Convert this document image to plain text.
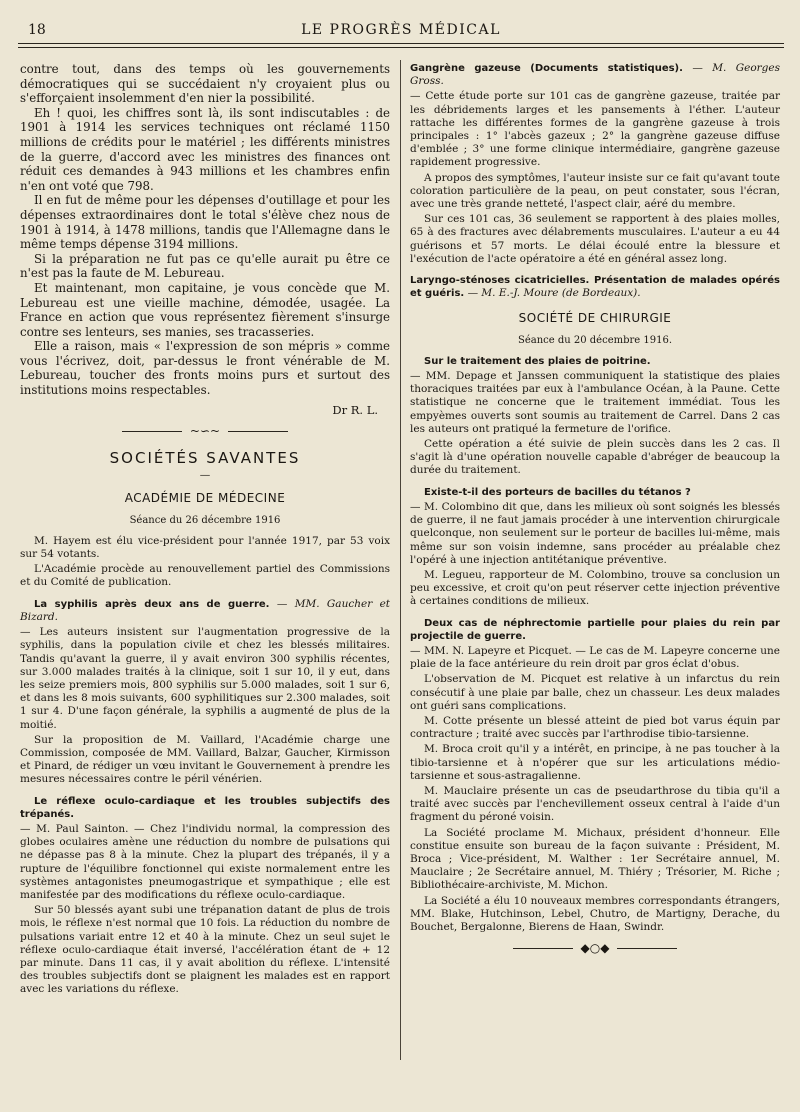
18	LE PROGRÈS MÉDICAL

contre tout, dans des temps où les gouvernements démocratiques qui se succédaient n'y croyaient plus ou s'efforçaient insolemment d'en nier la possibilité.

Eh ! quoi, les chiffres sont là, ils sont indiscutables : de 1901 à 1914 les services techniques ont réclamé 1150 millions de crédits pour le matériel ; les différents ministres de la guerre, d'accord avec les ministres des finances ont réduit ces demandes à 943 millions et les chambres enfin n'en ont voté que 798.

Il en fut de même pour les dépenses d'outillage et pour les dépenses extraordinaires dont le total s'élève chez nous de 1901 à 1914, à 1478 millions, tandis que l'Allemagne dans le même temps dépense 3194 millions.

Si la préparation ne fut pas ce qu'elle aurait pu être ce n'est pas la faute de M. Lebureau.

Et maintenant, mon capitaine, je vous concède que M. Lebureau est une vieille machine, démodée, usagée. La France en action que vous représentez fièrement s'insurge contre ses lenteurs, ses manies, ses tracasseries.

Elle a raison, mais « l'expression de son mépris » comme vous l'écrivez, doit, par-dessus le front vénérable de M. Lebureau, toucher des fronts moins purs et surtout des institutions moins respectables.

Dr R. L.
~∽~
SOCIÉTÉS SAVANTES
—
ACADÉMIE DE MÉDECINE
Séance du 26 décembre 1916

M. Hayem est élu vice-président pour l'année 1917, par 53 voix sur 54 votants.

L'Académie procède au renouvellement partiel des Commissions et du Comité de publication.

La syphilis après deux ans de guerre. — MM. Gaucher et Bizard.

— Les auteurs insistent sur l'augmentation progressive de la syphilis, dans la population civile et chez les blessés militaires. Tandis qu'avant la guerre, il y avait environ 300 syphilis récentes, sur 3.000 malades traités à la clinique, soit 1 sur 10, il y eut, dans les seize premiers mois, 800 syphilis sur 5.000 malades, soit 1 sur 6, et dans les 8 mois suivants, 600 syphilitiques sur 2.300 malades, soit 1 sur 4. D'une façon générale, la syphilis a augmenté de plus de la moitié.

Sur la proposition de M. Vaillard, l'Académie charge une Commission, composée de MM. Vaillard, Balzar, Gaucher, Kirmisson et Pinard, de rédiger un vœu invitant le Gouvernement à prendre les mesures nécessaires contre le péril vénérien.

Le réflexe oculo-cardiaque et les troubles subjectifs des trépanés.

— M. Paul Sainton. — Chez l'individu normal, la compression des globes oculaires amène une réduction du nombre de pulsations qui ne dépasse pas 8 à la minute. Chez la plupart des trépanés, il y a rupture de l'équilibre fonctionnel qui existe normalement entre les systèmes antagonistes pneumogastrique et sympathique ; elle est manifestée par des modifications du réflexe oculo-cardiaque.

Sur 50 blessés ayant subi une trépanation datant de plus de trois mois, le réflexe n'est normal que 10 fois. La réduction du nombre de pulsations variait entre 12 et 40 à la minute. Chez un seul sujet le réflexe oculo-cardiaque était inversé, l'accélération étant de + 12 par minute. Dans 11 cas, il y avait abolition du réflexe. L'intensité des troubles subjectifs dont se plaignent les malades est en rapport avec les variations du réflexe.

Gangrène gazeuse (Documents statistiques). — M. Georges Gross.

— Cette étude porte sur 101 cas de gangrène gazeuse, traitée par les débridements larges et les pansements à l'éther. L'auteur rattache les différentes formes de la gangrène gazeuse à trois principales : 1° l'abcès gazeux ; 2° la gangrène gazeuse diffuse d'emblée ; 3° une forme clinique intermédiaire, gangrène gazeuse rapidement progressive.

A propos des symptômes, l'auteur insiste sur ce fait qu'avant toute coloration particulière de la peau, on peut constater, sous l'écran, avec une très grande netteté, l'aspect clair, aéré du membre.

Sur ces 101 cas, 36 seulement se rapportent à des plaies molles, 65 à des fractures avec délabrements musculaires. L'auteur a eu 44 guérisons et 57 morts. Le délai écoulé entre la blessure et l'exécution de l'acte opératoire a été en général assez long.

Laryngo-sténoses cicatricielles. Présentation de malades opérés et guéris. — M. E.-J. Moure (de Bordeaux).

SOCIÉTÉ DE CHIRURGIE
Séance du 20 décembre 1916.

Sur le traitement des plaies de poitrine.

— MM. Depage et Janssen communiquent la statistique des plaies thoraciques traitées par eux à l'ambulance Océan, à la Paune. Cette statistique ne concerne que le traitement immédiat. Tous les empyèmes ouverts sont soumis au traitement de Carrel. Dans 2 cas les auteurs ont pratiqué la fermeture de l'orifice.

Cette opération a été suivie de plein succès dans les 2 cas. Il s'agit là d'une opération nouvelle capable d'abréger de beaucoup la durée du traitement.

Existe-t-il des porteurs de bacilles du tétanos ?

— M. Colombino dit que, dans les milieux où sont soignés les blessés de guerre, il ne faut jamais procéder à une intervention chirurgicale quelconque, non seulement sur le porteur de bacilles lui-même, mais même sur son voisin indemne, sans procéder au préalable chez l'opéré à une injection antitétanique préventive.

M. Legueu, rapporteur de M. Colombino, trouve sa conclusion un peu excessive, et croit qu'on peut réserver cette injection préventive à certaines conditions de milieux.

Deux cas de néphrectomie partielle pour plaies du rein par projectile de guerre.

— MM. N. Lapeyre et Picquet. — Le cas de M. Lapeyre concerne une plaie de la face antérieure du rein droit par gros éclat d'obus.

L'observation de M. Picquet est relative à un infarctus du rein consécutif à une plaie par balle, chez un chasseur. Les deux malades ont guéri sans complications.

M. Cotte présente un blessé atteint de pied bot varus équin par contracture ; traité avec succès par l'arthrodise tibio-tarsienne.

M. Broca croit qu'il y a intérêt, en principe, à ne pas toucher à la tibio-tarsienne et à n'opérer que sur les articulations médio-tarsienne et sous-astragalienne.

M. Mauclaire présente un cas de pseudarthrose du tibia qu'il a traité avec succès par l'enchevillement osseux central à l'aide d'un fragment du péroné voisin.

La Société proclame M. Michaux, président d'honneur. Elle constitue ensuite son bureau de la façon suivante : Président, M. Broca ; Vice-président, M. Walther : 1er Secrétaire annuel, M. Mauclaire ; 2e Secrétaire annuel, M. Thiéry ; Trésorier, M. Riche ; Bibliothécaire-archiviste, M. Michon.

La Société a élu 10 nouveaux membres correspondants étrangers, MM. Blake, Hutchinson, Lebel, Chutro, de Martigny, Derache, du Bouchet, Bergalonne, Bierens de Haan, Swindr.

◆○◆
